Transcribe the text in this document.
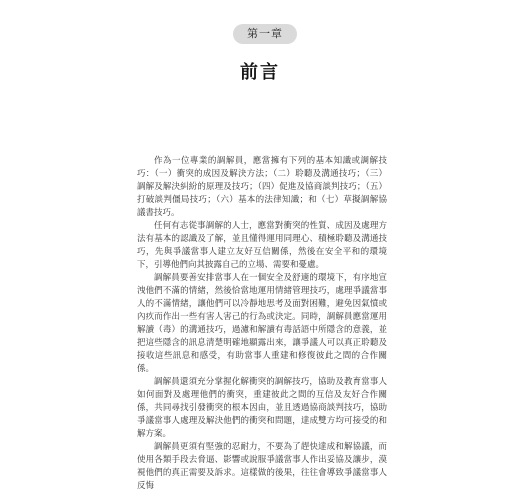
第一章
前言

作為一位專業的調解員，應當擁有下列的基本知識或調解技巧：（一）衝突的成因及解決方法；（二）聆聽及溝通技巧；（三）調解及解決糾紛的原理及技巧；（四）促進及協商談判技巧；（五）打破談判僵局技巧；（六）基本的法律知識；和（七）草擬調解協議書技巧。

任何有志從事調解的人士，應當對衝突的性質、成因及處理方法有基本的認識及了解，並且懂得運用同理心、積極聆聽及溝通技巧，先與爭議當事人建立友好互信關係，然後在安全平和的環境下，引導他們向其披露自己的立場、需要和憂慮。

調解員要善安排當事人在一個安全及舒適的環境下，有序地宣洩他們不滿的情緒，然後恰當地運用情緒管理技巧，處理爭議當事人的不滿情緒，讓他們可以冷靜地思考及面對困難，避免因氣憤或內疚而作出一些有害人害己的行為或決定。同時，調解員應當運用解讀（毒）的溝通技巧，過濾和解讀有毒話語中所隱含的意義，並把這些隱含的訊息清楚明確地顯露出來，讓爭議人可以真正聆聽及接收這些訊息和感受，有助當事人重建和修復彼此之間的合作關係。

調解員還須充分掌握化解衝突的調解技巧，協助及教育當事人如何面對及處理他們的衝突，重建彼此之間的互信及友好合作關係，共同尋找引發衝突的根本因由，並且透過協商談判技巧，協助爭議當事人處理及解決他們的衝突和問題，達成雙方均可接受的和解方案。

調解員更須有堅強的忍耐力，不要為了趕快達成和解協議，而使用各類手段去脅逼、影響或說服爭議當事人作出妥協及讓步，漠視他們的真正需要及訴求。這樣做的後果，往往會導致爭議當事人反悔
